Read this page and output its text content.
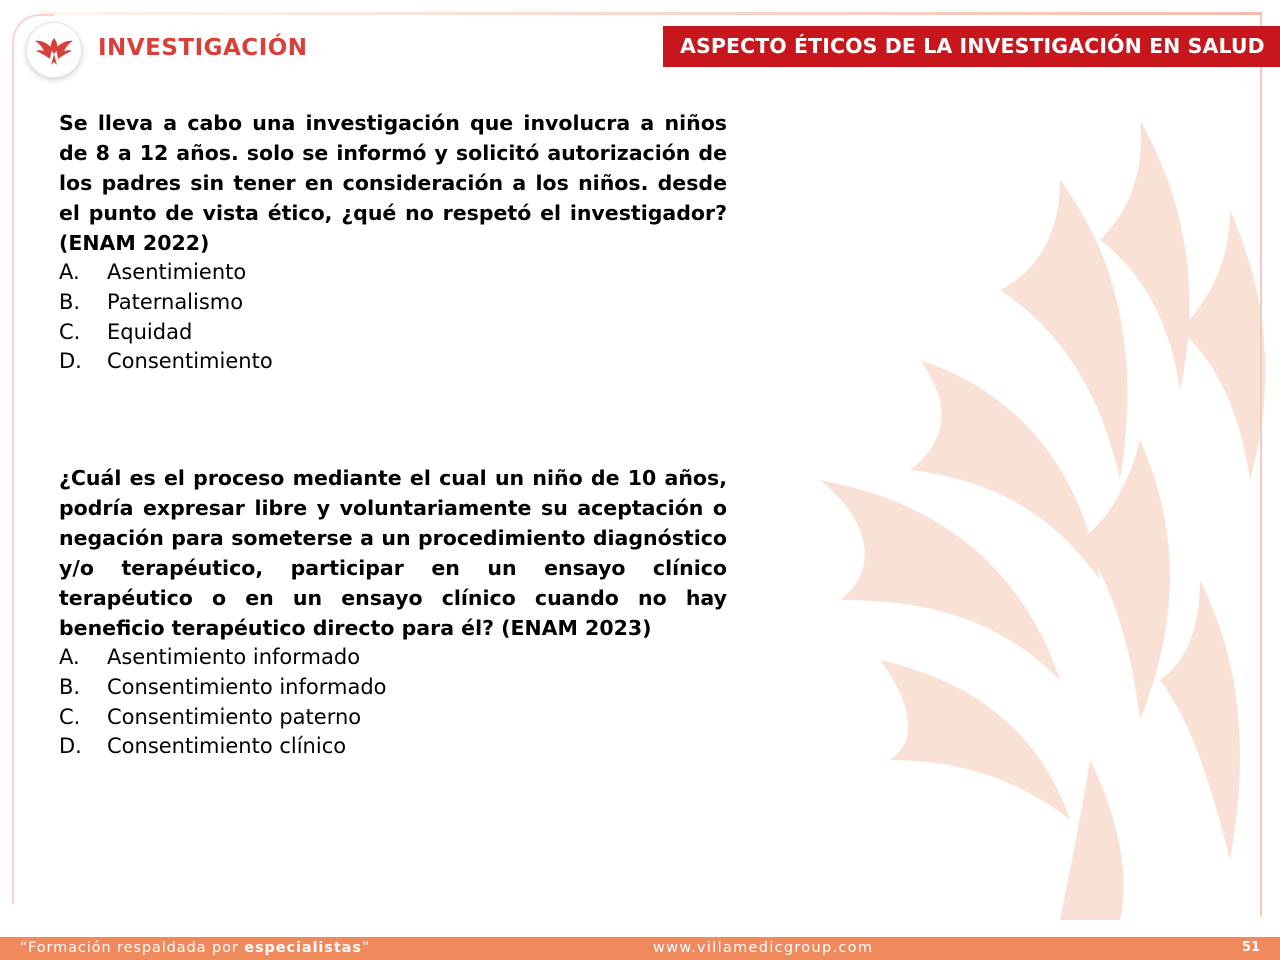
INVESTIGACIÓN	ASPECTO ÉTICOS DE LA INVESTIGACIÓN EN SALUD

Se lleva a cabo una investigación que involucra a niños de 8 a 12 años. solo se informó y solicitó autorización de los padres sin tener en consideración a los niños. desde el punto de vista ético, ¿qué no respetó el investigador? (ENAM 2022)

A. Asentimiento
B. Paternalismo
C. Equidad
D. Consentimiento

¿Cuál es el proceso mediante el cual un niño de 10 años, podría expresar libre y voluntariamente su aceptación o negación para someterse a un procedimiento diagnóstico y/o terapéutico, participar en un ensayo clínico terapéutico o en un ensayo clínico cuando no hay beneficio terapéutico directo para él? (ENAM 2023)

A. Asentimiento informado
B. Consentimiento informado
C. Consentimiento paterno
D. Consentimiento clínico
“Formación respaldada por especialistas”	www.villamedicgroup.com	51
